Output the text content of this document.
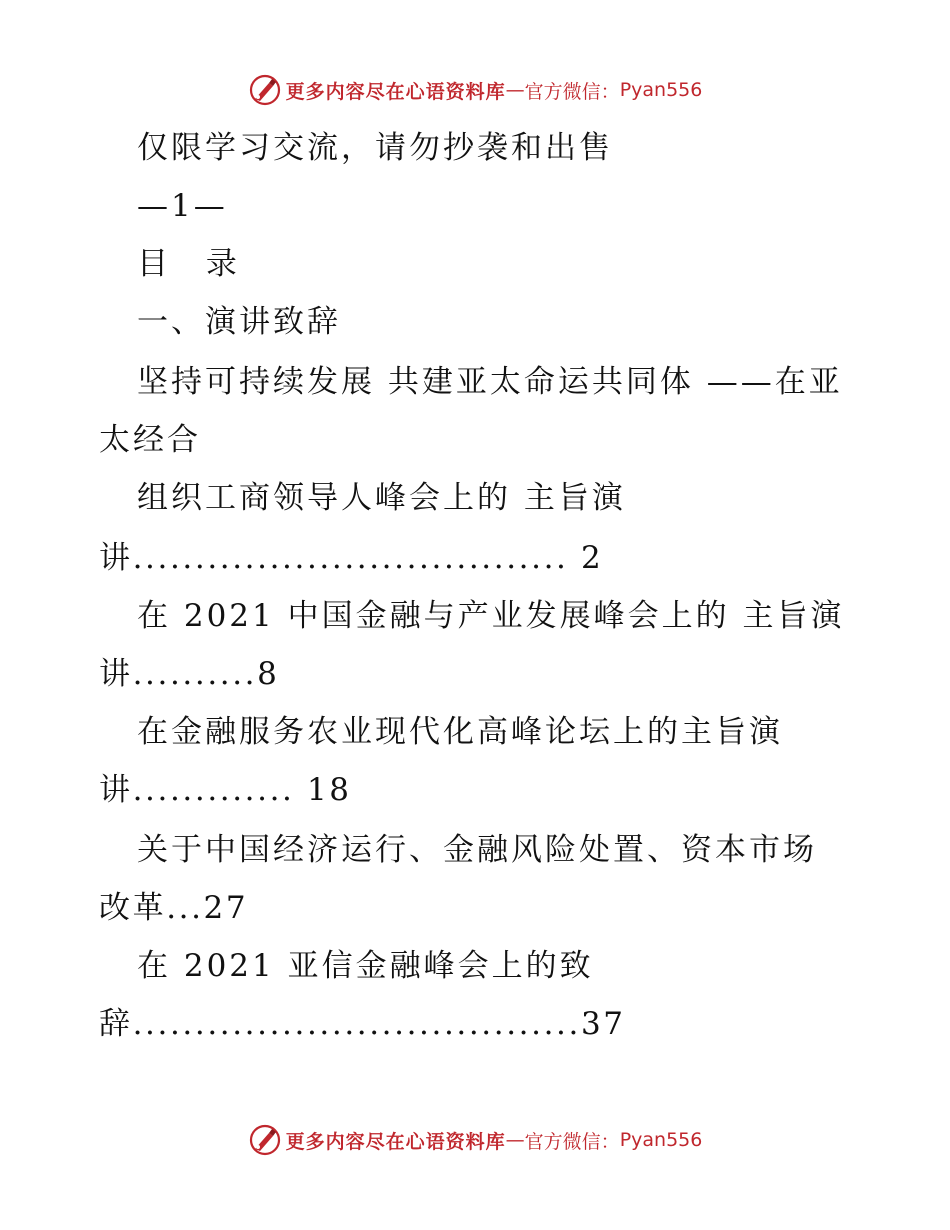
更多内容尽在心语资料库 — 官方微信： Pyan556
仅限学习交流，请勿抄袭和出售
—1—
目 录
一、演讲致辞
坚持可持续发展 共建亚太命运共同体 ——在亚
太经合
组织工商领导人峰会上的 主旨演
讲................................... 2
在 2021 中国金融与产业发展峰会上的 主旨演
讲..........8
在金融服务农业现代化高峰论坛上的主旨演
讲............. 18
关于中国经济运行、金融风险处置、资本市场
改革...27
在 2021 亚信金融峰会上的致
辞....................................37
更多内容尽在心语资料库 — 官方微信： Pyan556
